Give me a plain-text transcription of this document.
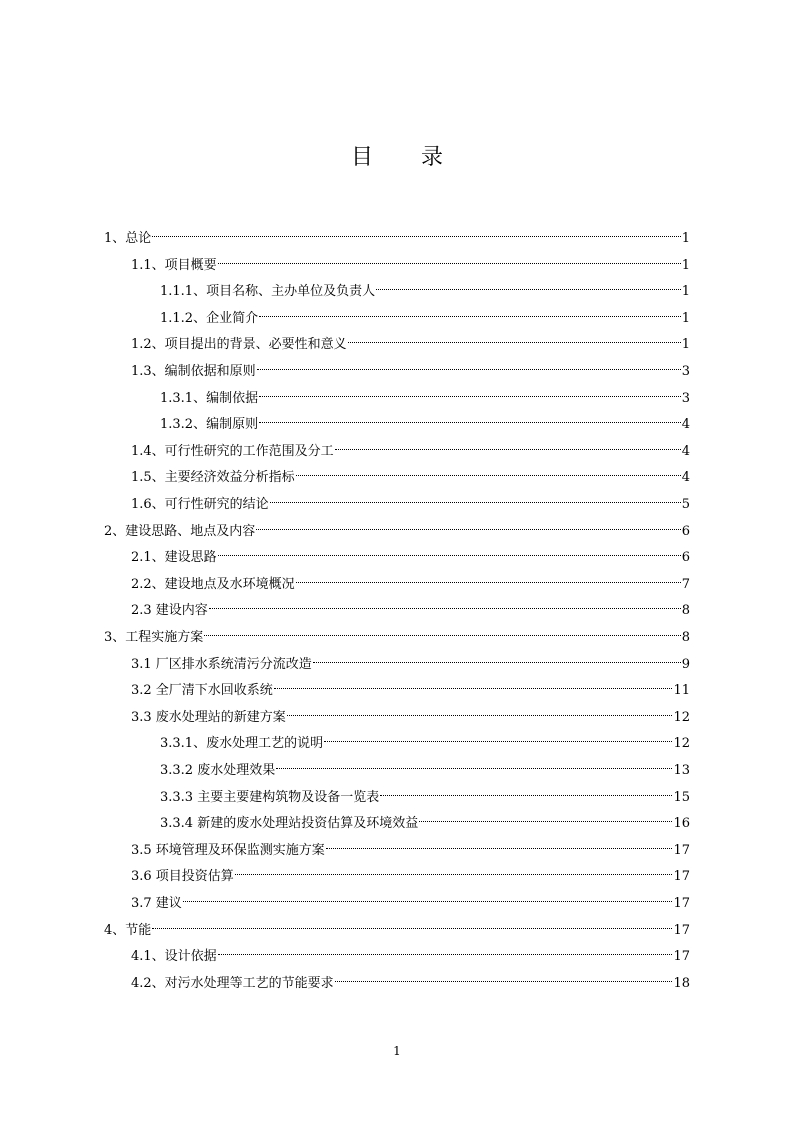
目 录
1、总论	1
1.1、项目概要	1
1.1.1、项目名称、主办单位及负责人	1
1.1.2、企业简介	1
1.2、项目提出的背景、必要性和意义	1
1.3、编制依据和原则	3
1.3.1、编制依据	3
1.3.2、编制原则	4
1.4、可行性研究的工作范围及分工	4
1.5、主要经济效益分析指标	4
1.6、可行性研究的结论	5
2、建设思路、地点及内容	6
2.1、建设思路	6
2.2、建设地点及水环境概况	7
2.3 建设内容	8
3、工程实施方案	8
3.1 厂区排水系统清污分流改造	9
3.2 全厂清下水回收系统	11
3.3 废水处理站的新建方案	12
3.3.1、废水处理工艺的说明	12
3.3.2 废水处理效果	13
3.3.3 主要主要建构筑物及设备一览表	15
3.3.4 新建的废水处理站投资估算及环境效益	16
3.5 环境管理及环保监测实施方案	17
3.6 项目投资估算	17
3.7 建议	17
4、节能	17
4.1、设计依据	17
4.2、对污水处理等工艺的节能要求	18
1
